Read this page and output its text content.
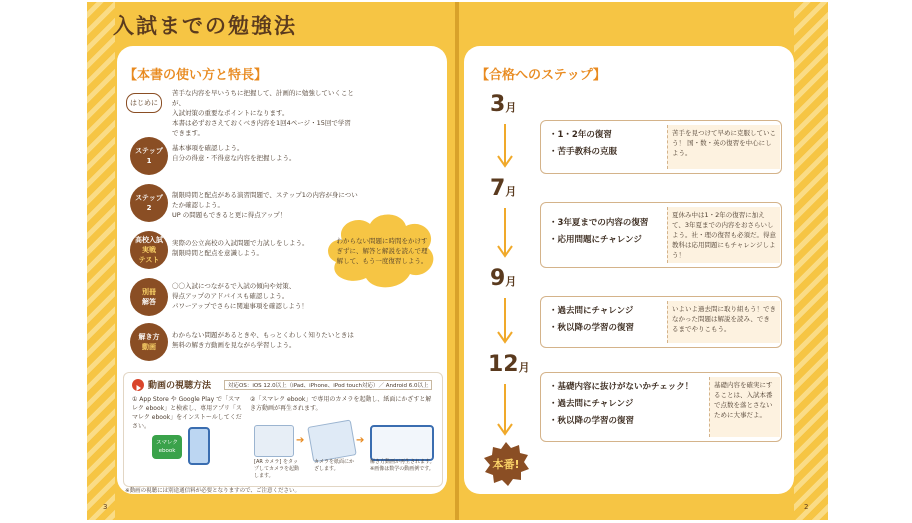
入試までの勉強法
【本書の使い方と特長】
はじめに
苦手な内容を早いうちに把握して、計画的に勉強していくことが、
入試対策の重要なポイントになります。
本書は必ずおさえておくべき内容を1回4ページ・15回で学習できます。
ステップ
1
基本事項を確認しよう。
自分の得意・不得意な内容を把握しよう。
ステップ
2
制限時間と配点がある演習問題で、ステップ1の内容が身についたか確認しよう。
UP の問題もできると更に得点アップ！
高校入試
実戦
テスト
実際の公立高校の入試問題で力試しをしよう。
制限時間と配点を意識しよう。
別冊
解答
〇〇入試につながるで入試の傾向や対策、
得点アップのアドバイスも確認しよう。
パワーアップでさらに関連事項を確認しよう！
解き方
動画
わからない問題があるときや、もっとくわしく知りたいときは
無料の解き方動画を見ながら学習しよう。
わからない問題に時間をかけすぎずに、解答と解説を読んで理解して、もう一度復習しよう。
動画の視聴方法	対応OS：iOS 12.0以上（iPad、iPhone、iPod touch対応）／ Android 6.0以上
① App Store や Google Play で「スマレク ebook」と検索し、専用アプリ「スマレク ebook」をインストールしてください。
②「スマレク ebook」で専用のカメラを起動し、紙面にかざすと解き方動画が再生されます。
スマレク ebook
➔	➔
[AR カメラ] をタップしてカメラを起動します。
カメラを紙面にかざします。
解き方動画が再生されます。※画像は数学の動画例です。
※動画の視聴には別途通信料が必要となりますので、ご注意ください。
3
【合格へのステップ】
3月
・1・2年の復習
・苦手教科の克服
苦手を見つけて早めに克服していこう！ 国・数・英の復習を中心にしよう。
7月
・3年夏までの内容の復習
・応用問題にチャレンジ
夏休み中は1・2年の復習に加えて、3年夏までの内容をおさらいしよう。社・理の復習も必須だ。得意教科は応用問題にもチャレンジしよう！
9月
・過去問にチャレンジ
・秋以降の学習の復習
いよいよ過去問に取り組もう！できなかった問題は解説を読み、できるまでやりこもう。
12月
・基礎内容に抜けがないかチェック！
・過去問にチャレンジ
・秋以降の学習の復習
基礎内容を確実にすることは、入試本番で点数を落とさないために大事だよ。
本番!
2
